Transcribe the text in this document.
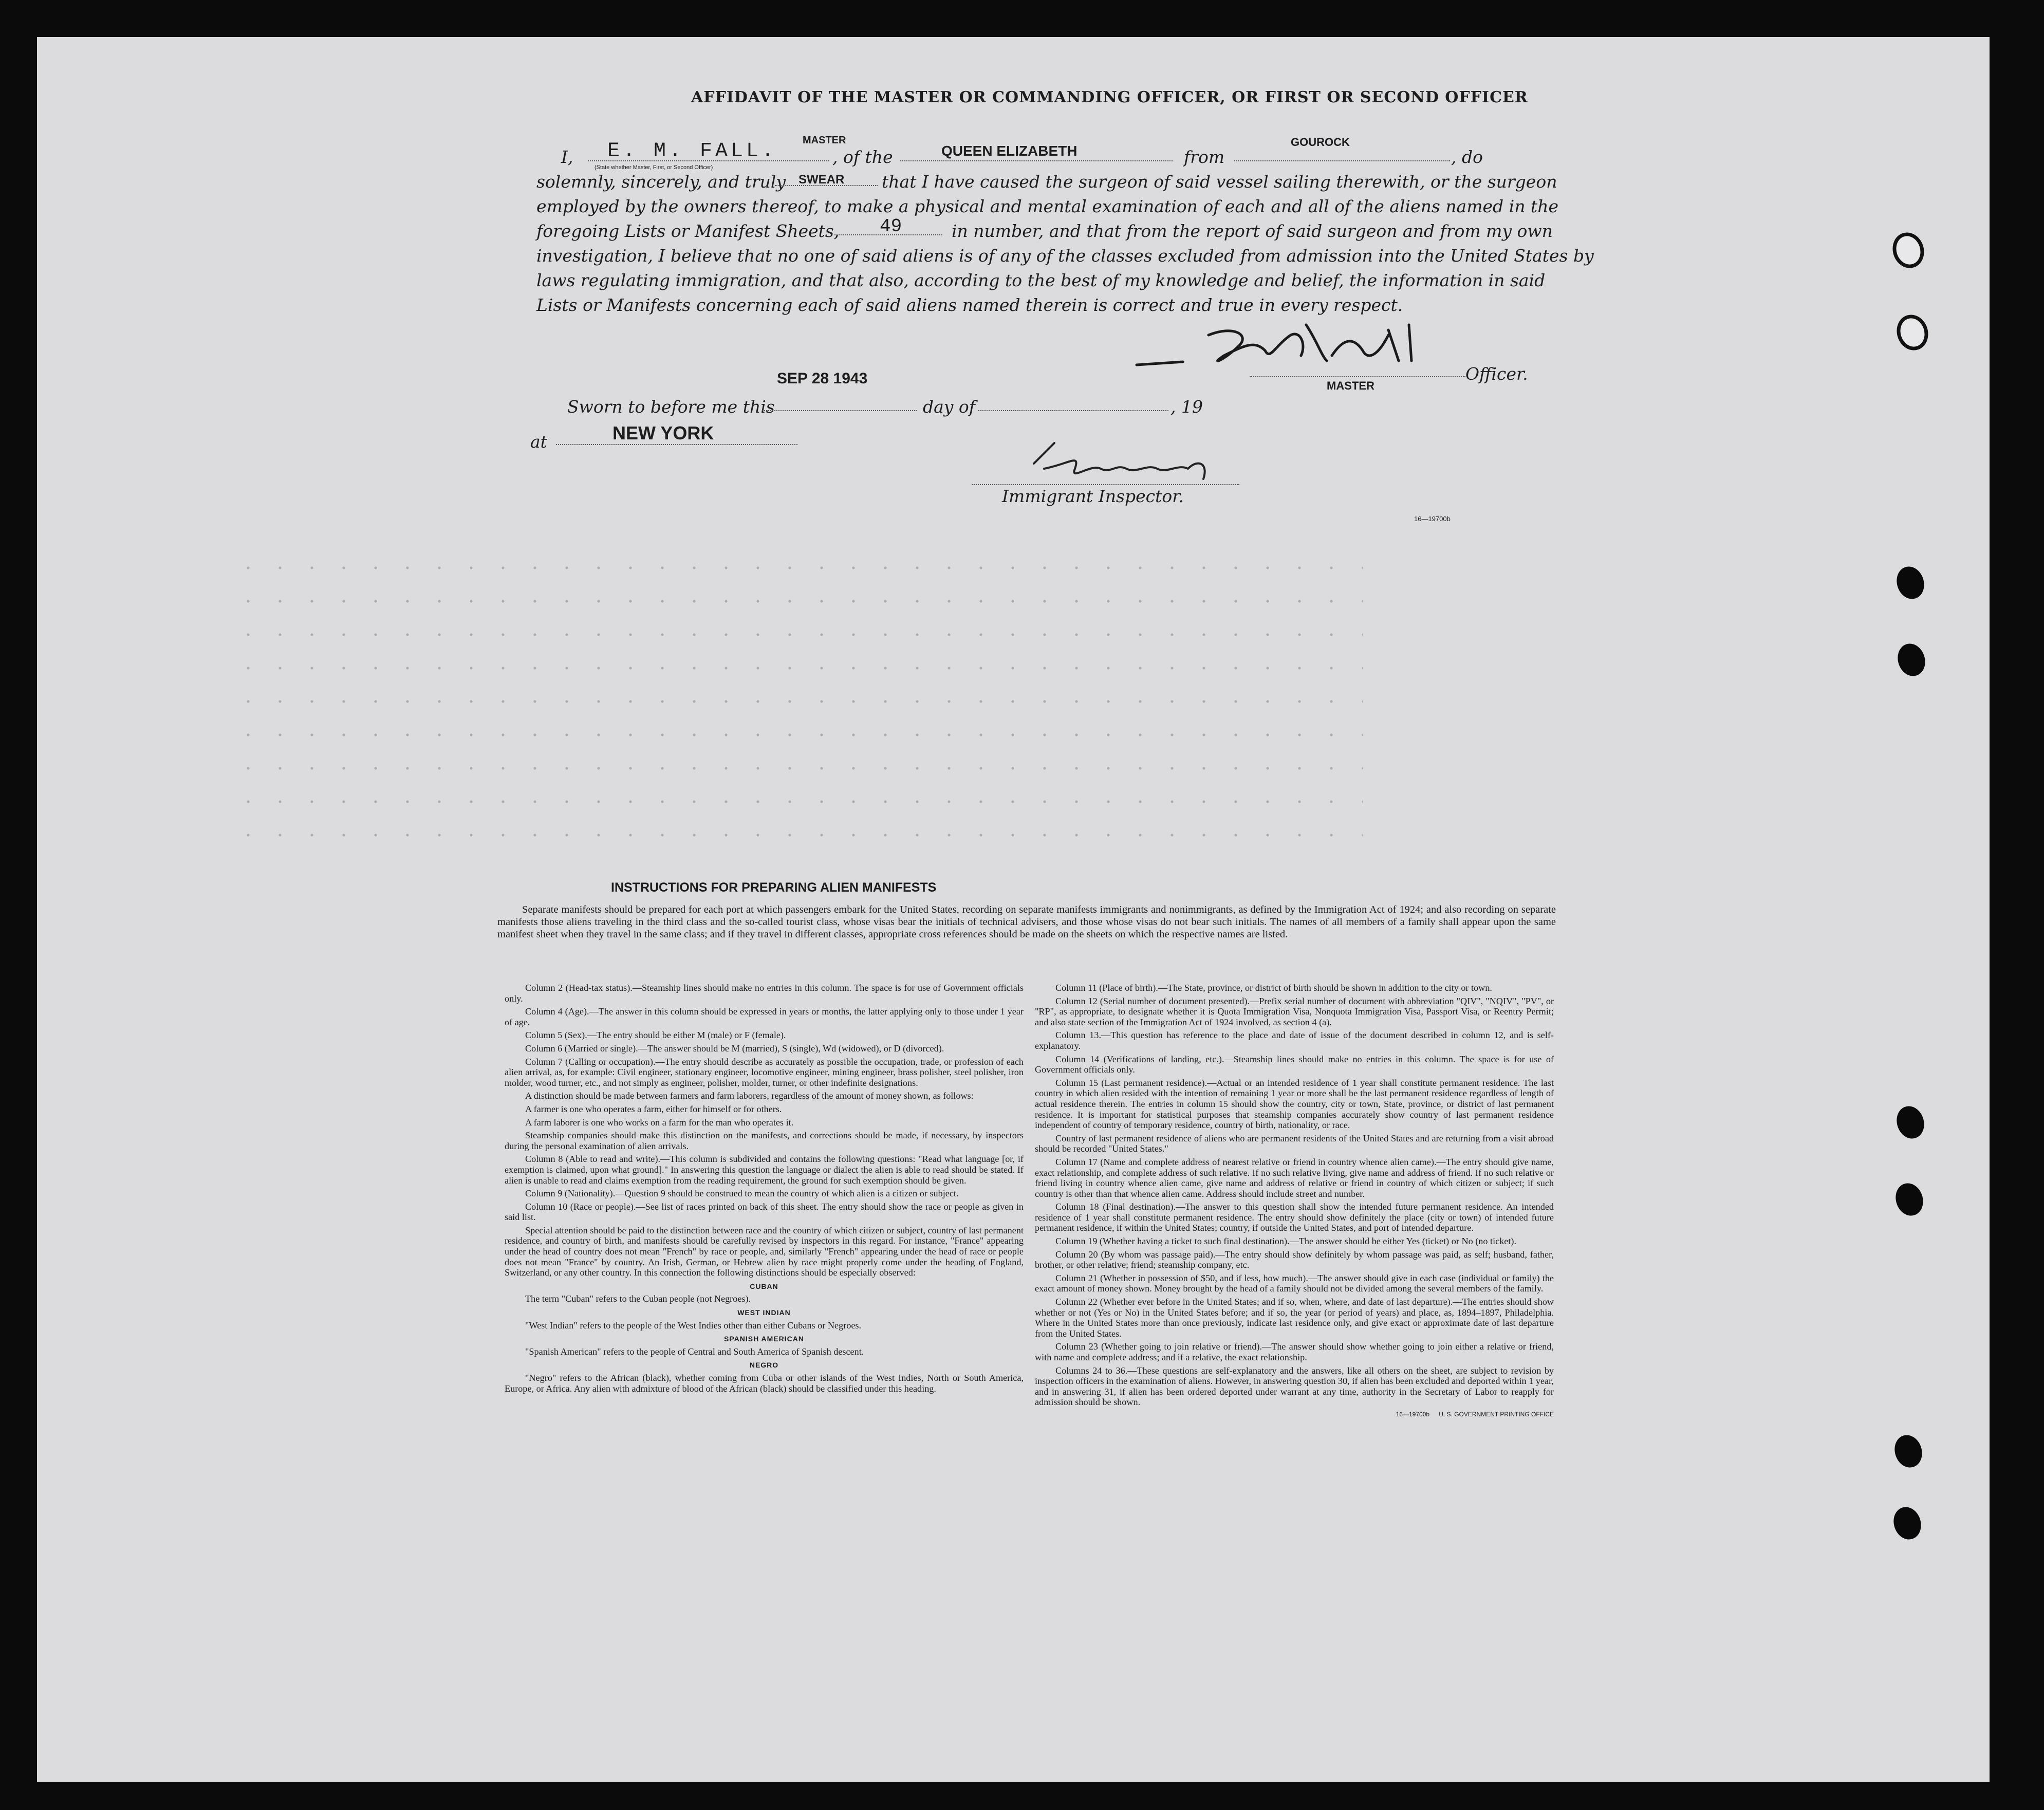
AFFIDAVIT OF THE MASTER OR COMMANDING OFFICER, OR FIRST OR SECOND OFFICER
I, E. M. FALL. MASTER
(State whether Master, First, or Second Officer)
, of the	QUEEN ELIZABETH	from
GOUROCK
, do
solemnly, sincerely, and truly SWEAR that I have caused the surgeon of said vessel sailing therewith, or the surgeon
employed by the owners thereof, to make a physical and mental examination of each and all of the aliens named in the
foregoing Lists or Manifest Sheets, 49	in number, and that from the report of said surgeon and from my own
investigation, I believe that no one of said aliens is of any of the classes excluded from admission into the United States by
laws regulating immigration, and that also, according to the best of my knowledge and belief, the information in said
Lists or Manifests concerning each of said aliens named therein is correct and true in every respect.
Officer.
MASTER
Sworn to before me this
SEP 28 1943
day of	, 19
at	NEW YORK
Immigrant Inspector.
16—19700b
INSTRUCTIONS FOR PREPARING ALIEN MANIFESTS
Separate manifests should be prepared for each port at which passengers embark for the United States, recording on separate manifests immigrants and nonimmigrants, as defined by the Immigration Act of 1924; and also recording on separate manifests those aliens traveling in the third class and the so-called tourist class, whose visas bear the initials of technical advisers, and those whose visas do not bear such initials. The names of all members of a family shall appear upon the same manifest sheet when they travel in the same class; and if they travel in different classes, appropriate cross references should be made on the sheets on which the respective names are listed.

Column 2 (Head-tax status).—Steamship lines should make no entries in this column. The space is for use of Government officials only.

Column 4 (Age).—The answer in this column should be expressed in years or months, the latter applying only to those under 1 year of age.

Column 5 (Sex).—The entry should be either M (male) or F (female).

Column 6 (Married or single).—The answer should be M (married), S (single), Wd (widowed), or D (divorced).

Column 7 (Calling or occupation).—The entry should describe as accurately as possible the occupation, trade, or profession of each alien arrival, as, for example: Civil engineer, stationary engineer, locomotive engineer, mining engineer, brass polisher, steel polisher, iron molder, wood turner, etc., and not simply as engineer, polisher, molder, turner, or other indefinite designations.

A distinction should be made between farmers and farm laborers, regardless of the amount of money shown, as follows:

A farmer is one who operates a farm, either for himself or for others.

A farm laborer is one who works on a farm for the man who operates it.

Steamship companies should make this distinction on the manifests, and corrections should be made, if necessary, by inspectors during the personal examination of alien arrivals.

Column 8 (Able to read and write).—This column is subdivided and contains the following questions: "Read what language [or, if exemption is claimed, upon what ground]." In answering this question the language or dialect the alien is able to read should be stated. If alien is unable to read and claims exemption from the reading requirement, the ground for such exemption should be given.

Column 9 (Nationality).—Question 9 should be construed to mean the country of which alien is a citizen or subject.

Column 10 (Race or people).—See list of races printed on back of this sheet. The entry should show the race or people as given in said list.

Special attention should be paid to the distinction between race and the country of which citizen or subject, country of last permanent residence, and country of birth, and manifests should be carefully revised by inspectors in this regard. For instance, "France" appearing under the head of country does not mean "French" by race or people, and, similarly "French" appearing under the head of race or people does not mean "France" by country. An Irish, German, or Hebrew alien by race might properly come under the heading of England, Switzerland, or any other country. In this connection the following distinctions should be especially observed:

CUBAN

The term "Cuban" refers to the Cuban people (not Negroes).

WEST INDIAN

"West Indian" refers to the people of the West Indies other than either Cubans or Negroes.

SPANISH AMERICAN

"Spanish American" refers to the people of Central and South America of Spanish descent.

NEGRO

"Negro" refers to the African (black), whether coming from Cuba or other islands of the West Indies, North or South America, Europe, or Africa. Any alien with admixture of blood of the African (black) should be classified under this heading.

Column 11 (Place of birth).—The State, province, or district of birth should be shown in addition to the city or town.

Column 12 (Serial number of document presented).—Prefix serial number of document with abbreviation "QIV", "NQIV", "PV", or "RP", as appropriate, to designate whether it is Quota Immigration Visa, Nonquota Immigration Visa, Passport Visa, or Reentry Permit; and also state section of the Immigration Act of 1924 involved, as section 4 (a).

Column 13.—This question has reference to the place and date of issue of the document described in column 12, and is self-explanatory.

Column 14 (Verifications of landing, etc.).—Steamship lines should make no entries in this column. The space is for use of Government officials only.

Column 15 (Last permanent residence).—Actual or an intended residence of 1 year shall constitute permanent residence. The last country in which alien resided with the intention of remaining 1 year or more shall be the last permanent residence regardless of length of actual residence therein. The entries in column 15 should show the country, city or town, State, province, or district of last permanent residence. It is important for statistical purposes that steamship companies accurately show country of last permanent residence independent of country of temporary residence, country of birth, nationality, or race.

Country of last permanent residence of aliens who are permanent residents of the United States and are returning from a visit abroad should be recorded "United States."

Column 17 (Name and complete address of nearest relative or friend in country whence alien came).—The entry should give name, exact relationship, and complete address of such relative. If no such relative living, give name and address of friend. If no such relative or friend living in country whence alien came, give name and address of relative or friend in country of which citizen or subject; if such country is other than that whence alien came. Address should include street and number.

Column 18 (Final destination).—The answer to this question shall show the intended future permanent residence. An intended residence of 1 year shall constitute permanent residence. The entry should show definitely the place (city or town) of intended future permanent residence, if within the United States; country, if outside the United States, and port of intended departure.

Column 19 (Whether having a ticket to such final destination).—The answer should be either Yes (ticket) or No (no ticket).

Column 20 (By whom was passage paid).—The entry should show definitely by whom passage was paid, as self; husband, father, brother, or other relative; friend; steamship company, etc.

Column 21 (Whether in possession of $50, and if less, how much).—The answer should give in each case (individual or family) the exact amount of money shown. Money brought by the head of a family should not be divided among the several members of the family.

Column 22 (Whether ever before in the United States; and if so, when, where, and date of last departure).—The entries should show whether or not (Yes or No) in the United States before; and if so, the year (or period of years) and place, as, 1894–1897, Philadelphia. Where in the United States more than once previously, indicate last residence only, and give exact or approximate date of last departure from the United States.

Column 23 (Whether going to join relative or friend).—The answer should show whether going to join either a relative or friend, with name and complete address; and if a relative, the exact relationship.

Columns 24 to 36.—These questions are self-explanatory and the answers, like all others on the sheet, are subject to revision by inspection officers in the examination of aliens. However, in answering question 30, if alien has been excluded and deported within 1 year, and in answering 31, if alien has been ordered deported under warrant at any time, authority in the Secretary of Labor to reapply for admission should be shown.

16—19700b U. S. GOVERNMENT PRINTING OFFICE
